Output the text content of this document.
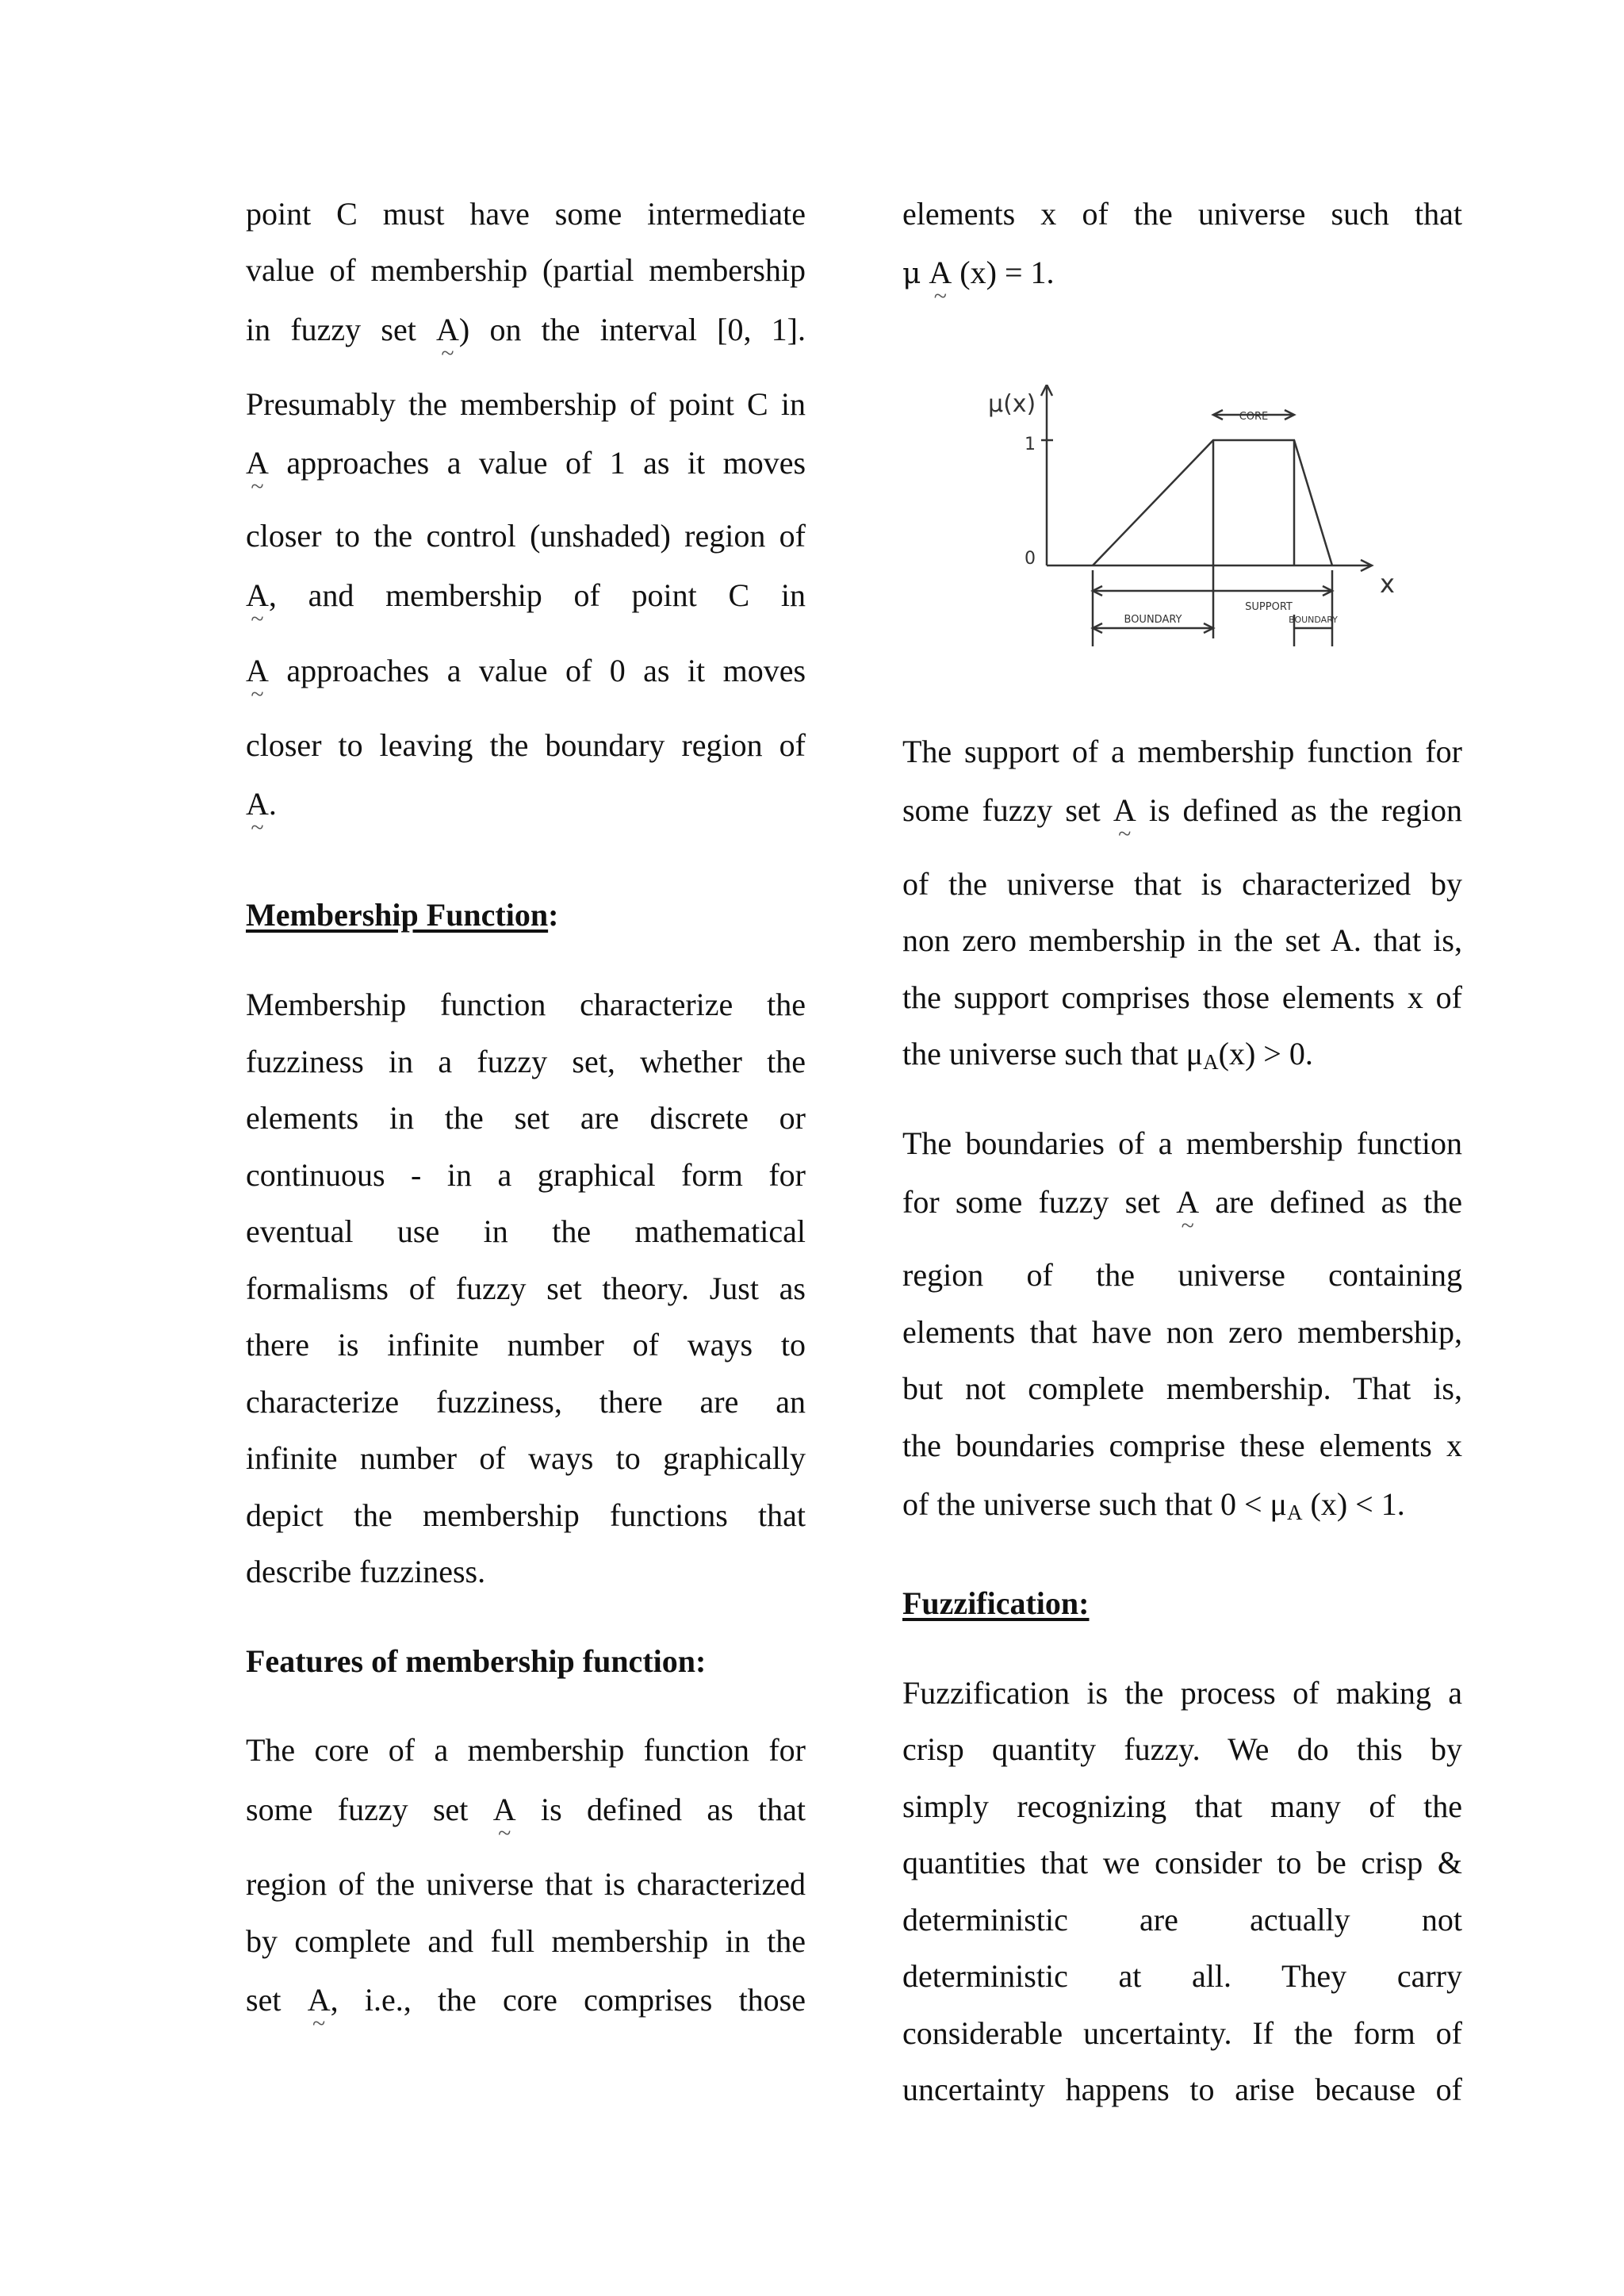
point C must have some intermediate
value of membership (partial membership
in fuzzy set A ~) on the interval [0, 1].
Presumably the membership of point C in
A ~ approaches a value of 1 as it moves
closer to the control (unshaded) region of
A ~, and membership of point C in
A ~ approaches a value of 0 as it moves
closer to leaving the boundary region of
A ~.
Membership Function:
Membership function characterize the
fuzziness in a fuzzy set, whether the
elements in the set are discrete or
continuous - in a graphical form for
eventual use in the mathematical
formalisms of fuzzy set theory. Just as
there is infinite number of ways to
characterize fuzziness, there are an
infinite number of ways to graphically
depict the membership functions that
describe fuzziness.
Features of membership function:
The core of a membership function for
some fuzzy set A ~ is defined as that
region of the universe that is characterized
by complete and full membership in the
set A ~, i.e., the core comprises those
elements x of the universe such that
μ A ~ (x) = 1.
μ(x)
1
0
x
CORE
SUPPORT
BOUNDARY	BOUNDARY
The support of a membership function for
some fuzzy set A ~ is defined as the region
of the universe that is characterized by
non zero membership in the set A. that is,
the support comprises those elements x of
the universe such that $\mu_A(x) > 0$.
The boundaries of a membership function
for some fuzzy set A ~ are defined as the
region of the universe containing
elements that have non zero membership,
but not complete membership. That is,
the boundaries comprise these elements x
of the universe such that $0 < \mu_A$ (x) < 1.
Fuzzification:
Fuzzification is the process of making a
crisp quantity fuzzy. We do this by
simply recognizing that many of the
quantities that we consider to be crisp &
deterministic are actually not
deterministic at all. They carry
considerable uncertainty. If the form of
uncertainty happens to arise because of
